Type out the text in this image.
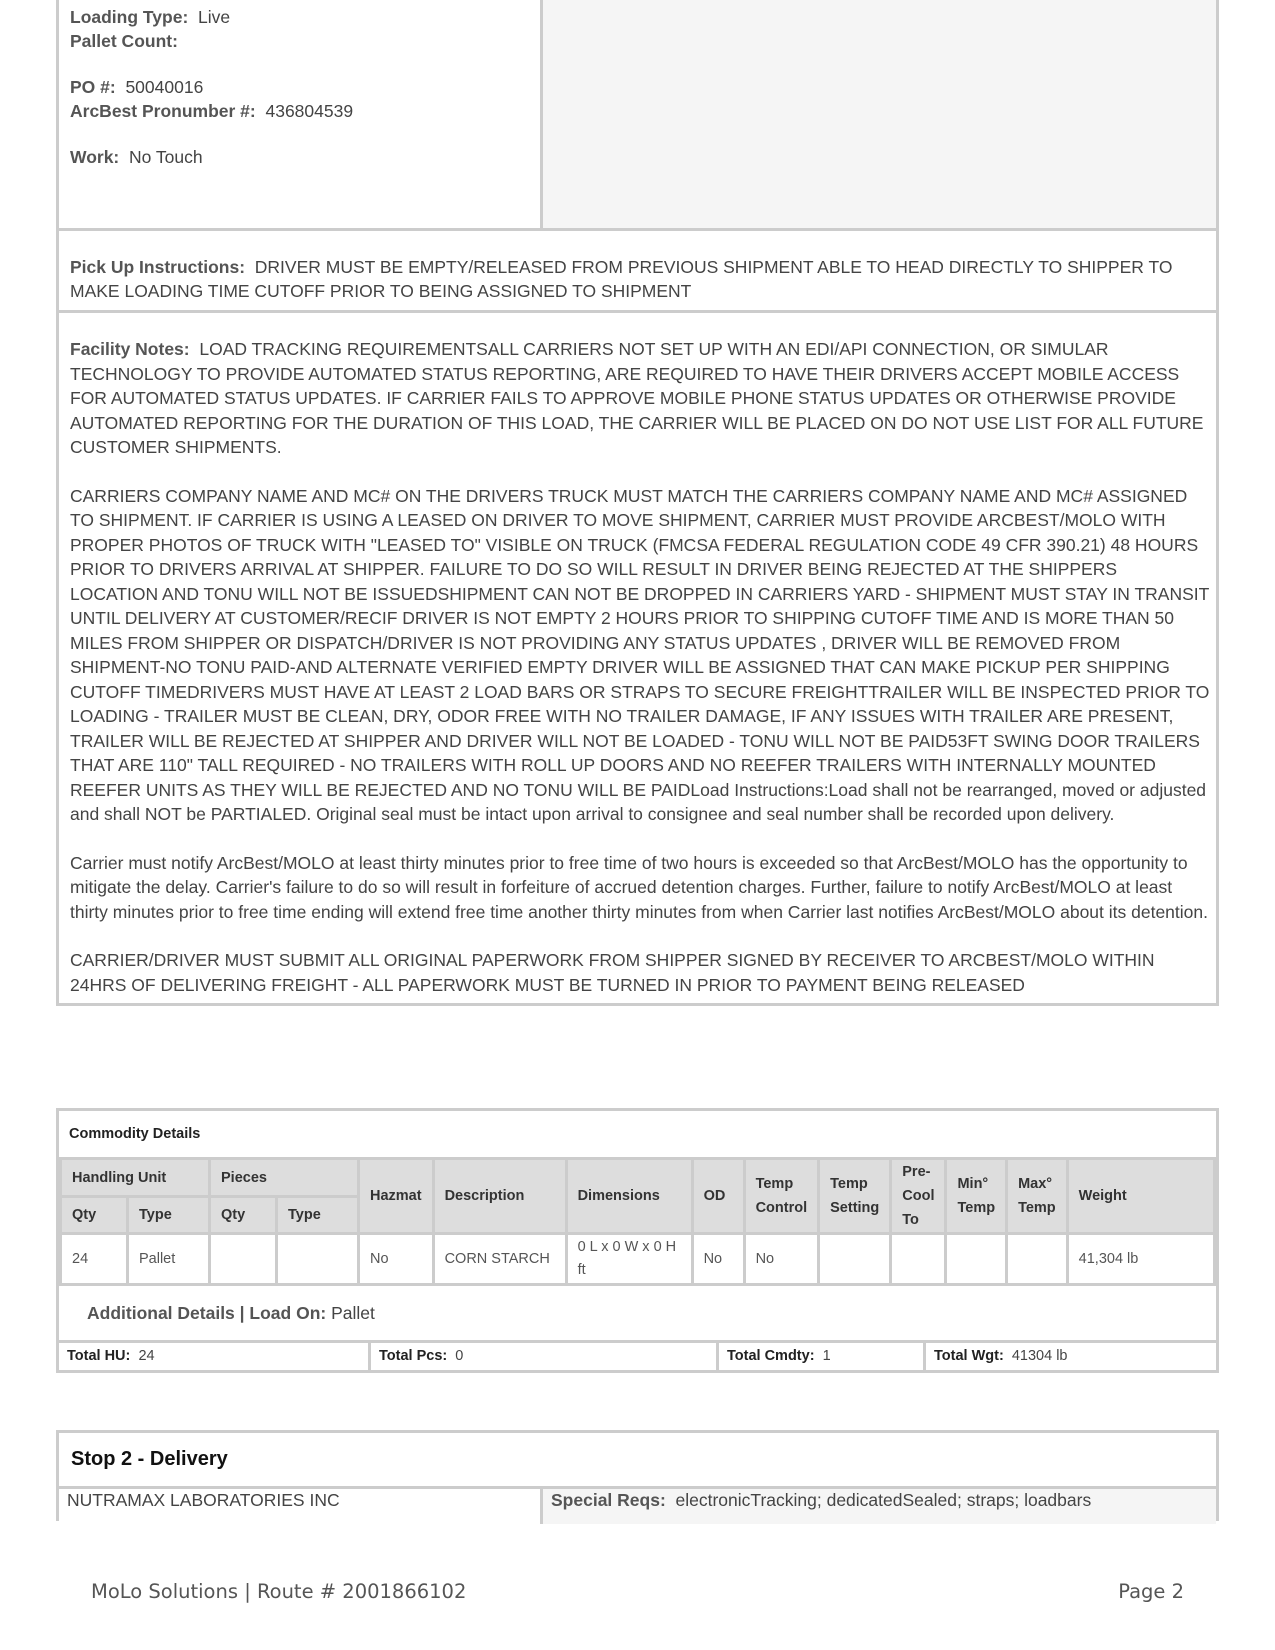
Loading Type: Live
Pallet Count:
PO #: 50040016
ArcBest Pronumber #: 436804539
Work: No Touch
Pick Up Instructions: DRIVER MUST BE EMPTY/RELEASED FROM PREVIOUS SHIPMENT ABLE TO HEAD DIRECTLY TO SHIPPER TO MAKE LOADING TIME CUTOFF PRIOR TO BEING ASSIGNED TO SHIPMENT

Facility Notes: LOAD TRACKING REQUIREMENTSALL CARRIERS NOT SET UP WITH AN EDI/API CONNECTION, OR SIMULAR TECHNOLOGY TO PROVIDE AUTOMATED STATUS REPORTING, ARE REQUIRED TO HAVE THEIR DRIVERS ACCEPT MOBILE ACCESS FOR AUTOMATED STATUS UPDATES. IF CARRIER FAILS TO APPROVE MOBILE PHONE STATUS UPDATES OR OTHERWISE PROVIDE AUTOMATED REPORTING FOR THE DURATION OF THIS LOAD, THE CARRIER WILL BE PLACED ON DO NOT USE LIST FOR ALL FUTURE CUSTOMER SHIPMENTS.

CARRIERS COMPANY NAME AND MC# ON THE DRIVERS TRUCK MUST MATCH THE CARRIERS COMPANY NAME AND MC# ASSIGNED TO SHIPMENT. IF CARRIER IS USING A LEASED ON DRIVER TO MOVE SHIPMENT, CARRIER MUST PROVIDE ARCBEST/MOLO WITH PROPER PHOTOS OF TRUCK WITH "LEASED TO" VISIBLE ON TRUCK (FMCSA FEDERAL REGULATION CODE 49 CFR 390.21) 48 HOURS PRIOR TO DRIVERS ARRIVAL AT SHIPPER. FAILURE TO DO SO WILL RESULT IN DRIVER BEING REJECTED AT THE SHIPPERS LOCATION AND TONU WILL NOT BE ISSUEDSHIPMENT CAN NOT BE DROPPED IN CARRIERS YARD - SHIPMENT MUST STAY IN TRANSIT UNTIL DELIVERY AT CUSTOMER/RECIF DRIVER IS NOT EMPTY 2 HOURS PRIOR TO SHIPPING CUTOFF TIME AND IS MORE THAN 50 MILES FROM SHIPPER OR DISPATCH/DRIVER IS NOT PROVIDING ANY STATUS UPDATES , DRIVER WILL BE REMOVED FROM SHIPMENT-NO TONU PAID-AND ALTERNATE VERIFIED EMPTY DRIVER WILL BE ASSIGNED THAT CAN MAKE PICKUP PER SHIPPING CUTOFF TIMEDRIVERS MUST HAVE AT LEAST 2 LOAD BARS OR STRAPS TO SECURE FREIGHTTRAILER WILL BE INSPECTED PRIOR TO LOADING - TRAILER MUST BE CLEAN, DRY, ODOR FREE WITH NO TRAILER DAMAGE, IF ANY ISSUES WITH TRAILER ARE PRESENT, TRAILER WILL BE REJECTED AT SHIPPER AND DRIVER WILL NOT BE LOADED - TONU WILL NOT BE PAID53FT SWING DOOR TRAILERS THAT ARE 110" TALL REQUIRED - NO TRAILERS WITH ROLL UP DOORS AND NO REEFER TRAILERS WITH INTERNALLY MOUNTED REEFER UNITS AS THEY WILL BE REJECTED AND NO TONU WILL BE PAIDLoad Instructions:Load shall not be rearranged, moved or adjusted and shall NOT be PARTIALED. Original seal must be intact upon arrival to consignee and seal number shall be recorded upon delivery.

Carrier must notify ArcBest/MOLO at least thirty minutes prior to free time of two hours is exceeded so that ArcBest/MOLO has the opportunity to mitigate the delay. Carrier's failure to do so will result in forfeiture of accrued detention charges. Further, failure to notify ArcBest/MOLO at least thirty minutes prior to free time ending will extend free time another thirty minutes from when Carrier last notifies ArcBest/MOLO about its detention.

CARRIER/DRIVER MUST SUBMIT ALL ORIGINAL PAPERWORK FROM SHIPPER SIGNED BY RECEIVER TO ARCBEST/MOLO WITHIN 24HRS OF DELIVERING FREIGHT - ALL PAPERWORK MUST BE TURNED IN PRIOR TO PAYMENT BEING RELEASED

Commodity Details
Handling Unit		Pieces		Hazmat	Description	Dimensions	OD	Temp Control	Temp Setting	Pre- Cool To	Min° Temp	Max° Temp	Weight
Qty	Type	Qty	Type										
24	Pallet			No	CORN STARCH	0 L x 0 W x 0 H ft	No	No					41,304 lb
Additional Details | Load On: Pallet
Total HU: 24	Total Pcs: 0	Total Cmdty: 1	Total Wgt: 41304 lb
Stop 2 - Delivery
NUTRAMAX LABORATORIES INC	Special Reqs: electronicTracking; dedicatedSealed; straps; loadbars
MoLo Solutions | Route # 2001866102	Page 2
